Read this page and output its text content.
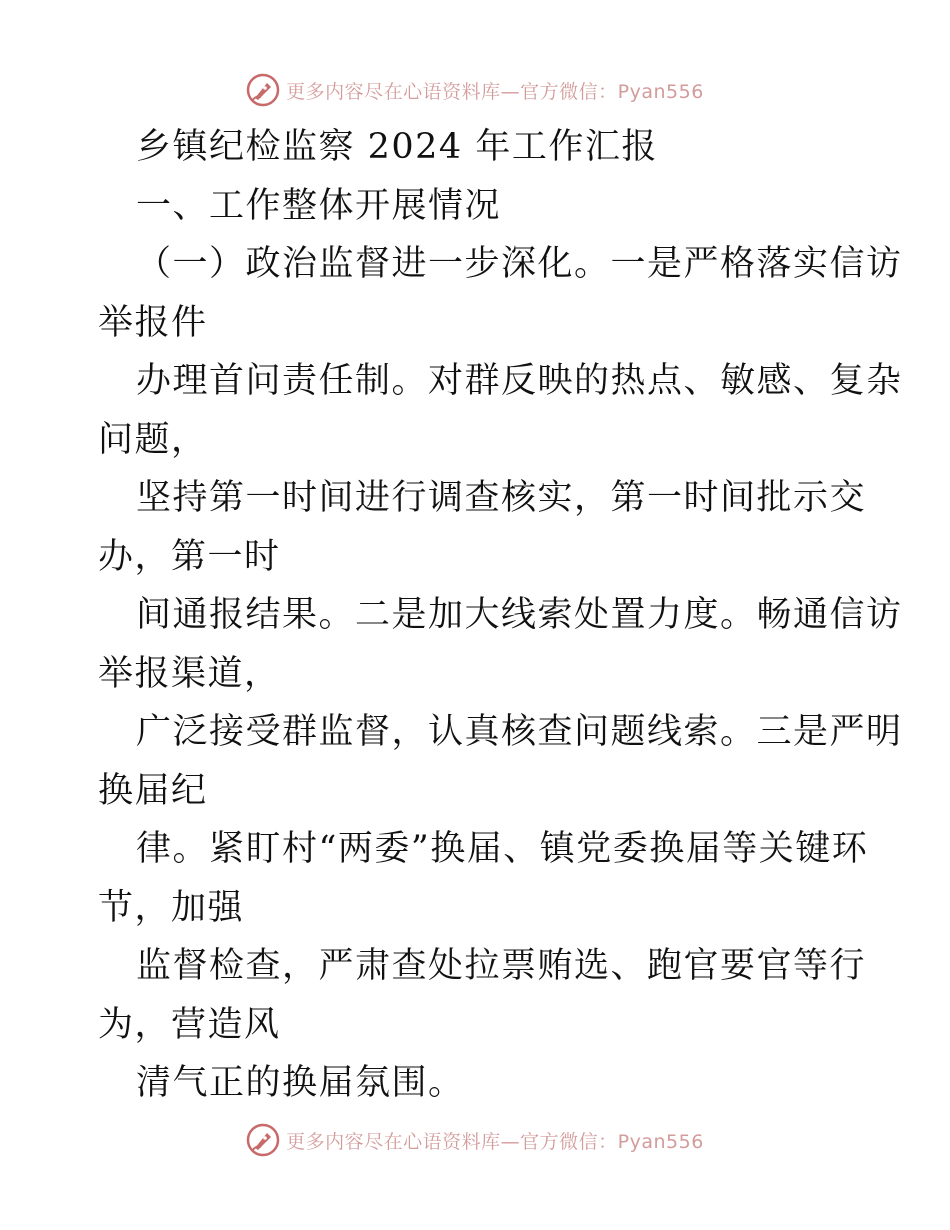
更多内容尽在心语资料库—官方微信：Pyan556
乡镇纪检监察 2024 年工作汇报
一、工作整体开展情况
（一）政治监督进一步深化。一是严格落实信访
举报件
办理首问责任制。对群反映的热点、敏感、复杂
问题，
坚持第一时间进行调查核实，第一时间批示交
办，第一时
间通报结果。二是加大线索处置力度。畅通信访
举报渠道，
广泛接受群监督，认真核查问题线索。三是严明
换届纪
律。紧盯村“两委”换届、镇党委换届等关键环
节，加强
监督检查，严肃查处拉票贿选、跑官要官等行
为，营造风
清气正的换届氛围。
更多内容尽在心语资料库—官方微信：Pyan556
